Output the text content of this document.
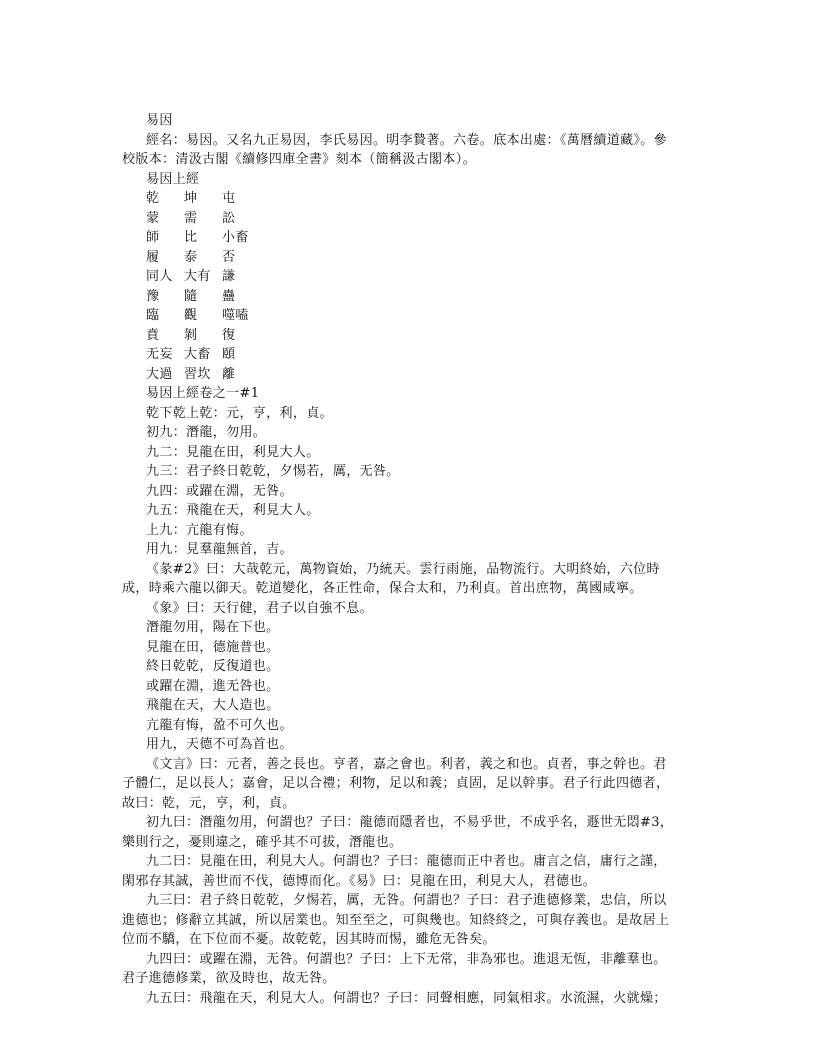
易因
經名：易因。又名九正易因，李氏易因。明李贄著。六卷。底本出處：《萬曆續道藏》。參
校版本：清汲古閣《續修四庫全書》刻本（簡稱汲古閣本）。
易因上經
乾	坤	屯
蒙	需	訟
師	比	小畜
履	泰	否
同人 大有 謙
豫	隨	蠱
臨	觀	噬嗑
賁	剝	復
无妄 大畜 頤
大過 習坎 離
易因上經卷之一#1
乾下乾上乾：元，亨，利，貞。
初九：潛龍，勿用。
九二：見龍在田，利見大人。
九三：君子終日乾乾，夕惕若，厲，无咎。
九四：或躍在淵，无咎。
九五：飛龍在天，利見大人。
上九：亢龍有悔。
用九：見羣龍無首，吉。
《彖#2》曰：大哉乾元，萬物資始，乃統天。雲行雨施，品物流行。大明終始，六位時
成，時乘六龍以御天。乾道變化，各正性命，保合太和，乃利貞。首出庶物，萬國咸寧。
《象》曰：天行健，君子以自強不息。
潛龍勿用，陽在下也。
見龍在田，德施普也。
終日乾乾，反復道也。
或躍在淵，進无咎也。
飛龍在天，大人造也。
亢龍有悔，盈不可久也。
用九，天德不可為首也。
《文言》曰：元者，善之長也。亨者，嘉之會也。利者，義之和也。貞者，事之幹也。君
子體仁，足以長人；嘉會，足以合禮；利物，足以和義；貞固，足以幹事。君子行此四德者，
故曰：乾，元，亨，利，貞。
初九曰：潛龍勿用，何謂也？子曰：龍德而隱者也，不易乎世，不成乎名，遯世无悶#3，
樂則行之，憂則違之，確乎其不可拔，潛龍也。
九二曰：見龍在田，利見大人。何謂也？子曰：龍德而正中者也。庸言之信，庸行之謹，
閑邪存其誠，善世而不伐，德博而化。《易》曰：見龍在田，利見大人，君德也。
九三曰：君子終日乾乾，夕惕若，厲，无咎。何謂也？子曰：君子進德修業，忠信，所以
進德也；修辭立其誠，所以居業也。知至至之，可與幾也。知終終之，可與存義也。是故居上
位而不驕，在下位而不憂。故乾乾，因其時而惕，雖危无咎矣。
九四曰：或躍在淵，无咎。何謂也？子曰：上下无常，非為邪也。進退无恆，非離羣也。
君子進德修業，欲及時也，故无咎。
九五曰：飛龍在天，利見大人。何謂也？子曰：同聲相應，同氣相求。水流濕，火就燥；
